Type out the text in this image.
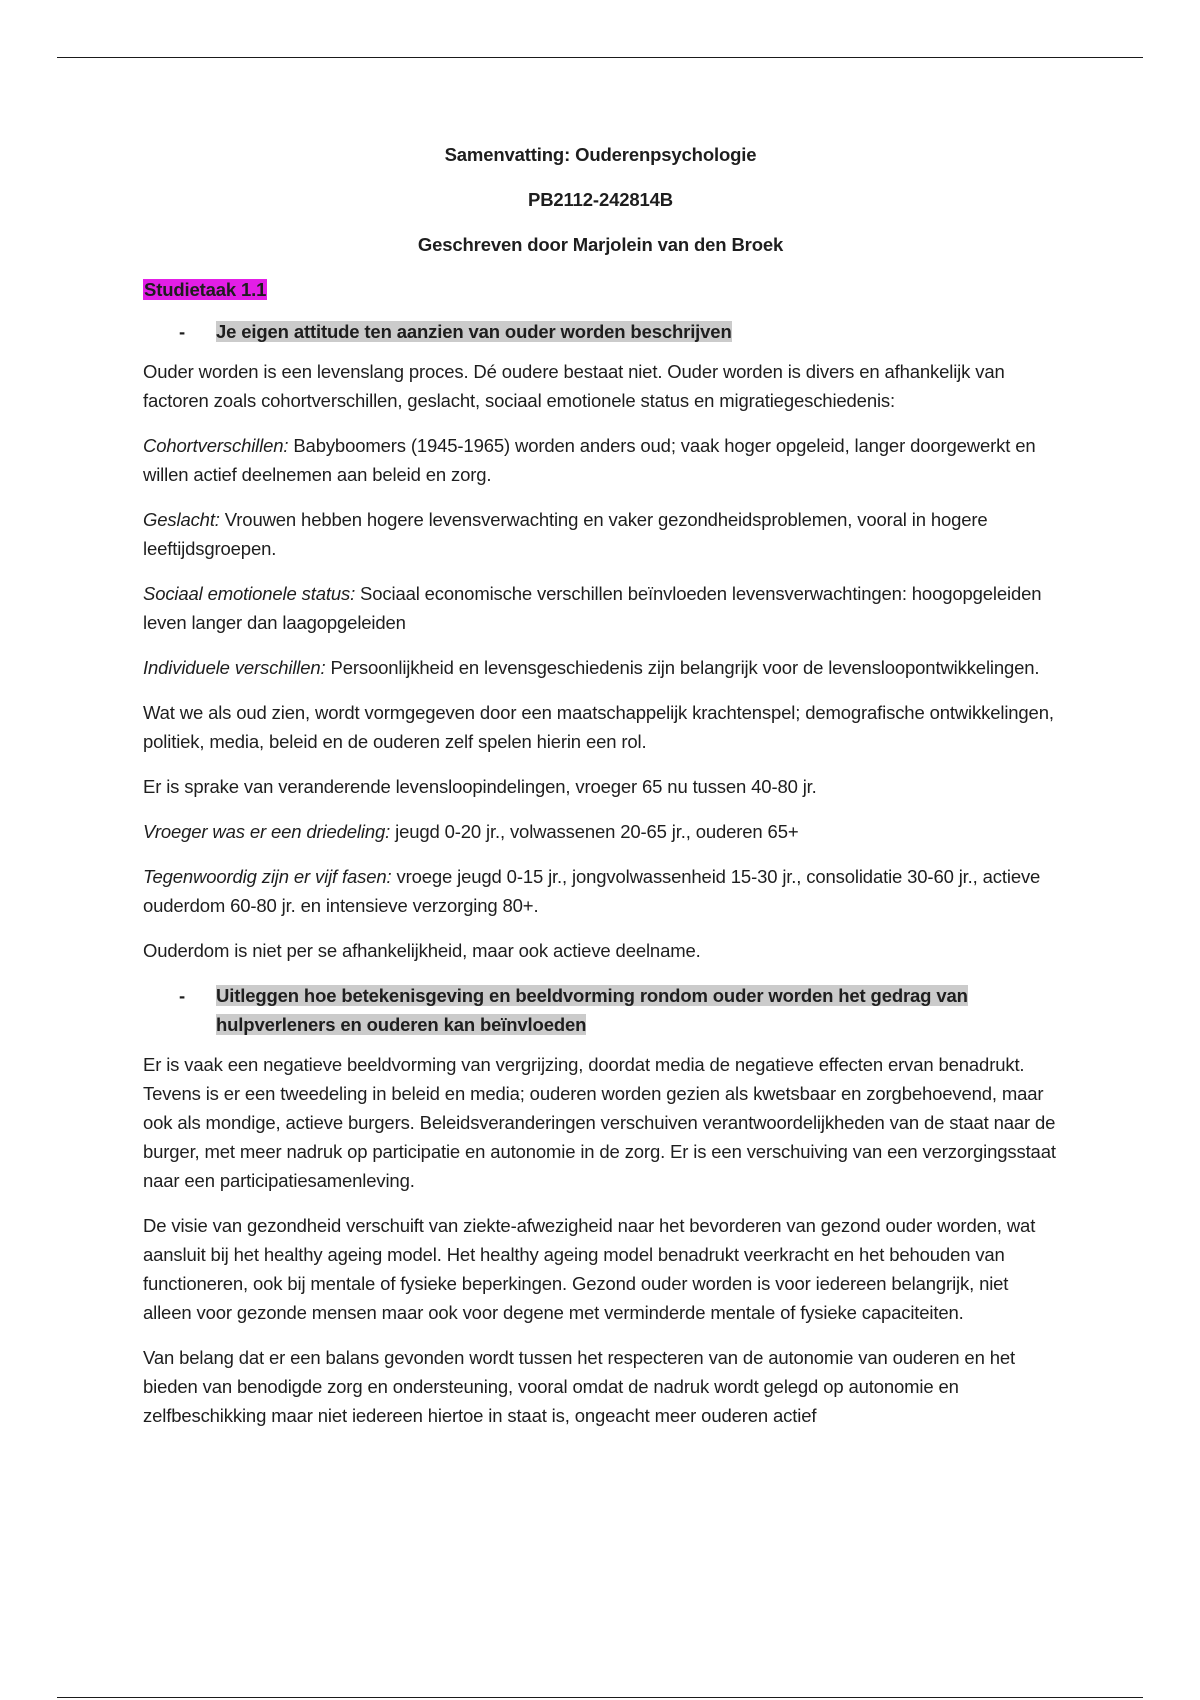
Samenvatting: Ouderenpsychologie
PB2112-242814B
Geschreven door Marjolein van den Broek
Studietaak 1.1
-	Je eigen attitude ten aanzien van ouder worden beschrijven

Ouder worden is een levenslang proces. Dé oudere bestaat niet. Ouder worden is divers en afhankelijk van factoren zoals cohortverschillen, geslacht, sociaal emotionele status en migratiegeschiedenis:

Cohortverschillen: Babyboomers (1945-1965) worden anders oud; vaak hoger opgeleid, langer doorgewerkt en willen actief deelnemen aan beleid en zorg.

Geslacht: Vrouwen hebben hogere levensverwachting en vaker gezondheidsproblemen, vooral in hogere leeftijdsgroepen.

Sociaal emotionele status: Sociaal economische verschillen beïnvloeden levensverwachtingen: hoogopgeleiden leven langer dan laagopgeleiden

Individuele verschillen: Persoonlijkheid en levensgeschiedenis zijn belangrijk voor de levensloopontwikkelingen.

Wat we als oud zien, wordt vormgegeven door een maatschappelijk krachtenspel; demografische ontwikkelingen, politiek, media, beleid en de ouderen zelf spelen hierin een rol.

Er is sprake van veranderende levensloopindelingen, vroeger 65 nu tussen 40-80 jr.

Vroeger was er een driedeling: jeugd 0-20 jr., volwassenen 20-65 jr., ouderen 65+

Tegenwoordig zijn er vijf fasen: vroege jeugd 0-15 jr., jongvolwassenheid 15-30 jr., consolidatie 30-60 jr., actieve ouderdom 60-80 jr. en intensieve verzorging 80+.

Ouderdom is niet per se afhankelijkheid, maar ook actieve deelname.

-	Uitleggen hoe betekenisgeving en beeldvorming rondom ouder worden het gedrag van hulpverleners en ouderen kan beïnvloeden

Er is vaak een negatieve beeldvorming van vergrijzing, doordat media de negatieve effecten ervan benadrukt. Tevens is er een tweedeling in beleid en media; ouderen worden gezien als kwetsbaar en zorgbehoevend, maar ook als mondige, actieve burgers. Beleidsveranderingen verschuiven verantwoordelijkheden van de staat naar de burger, met meer nadruk op participatie en autonomie in de zorg. Er is een verschuiving van een verzorgingsstaat naar een participatiesamenleving.

De visie van gezondheid verschuift van ziekte-afwezigheid naar het bevorderen van gezond ouder worden, wat aansluit bij het healthy ageing model. Het healthy ageing model benadrukt veerkracht en het behouden van functioneren, ook bij mentale of fysieke beperkingen. Gezond ouder worden is voor iedereen belangrijk, niet alleen voor gezonde mensen maar ook voor degene met verminderde mentale of fysieke capaciteiten.

Van belang dat er een balans gevonden wordt tussen het respecteren van de autonomie van ouderen en het bieden van benodigde zorg en ondersteuning, vooral omdat de nadruk wordt gelegd op autonomie en zelfbeschikking maar niet iedereen hiertoe in staat is, ongeacht meer ouderen actief
